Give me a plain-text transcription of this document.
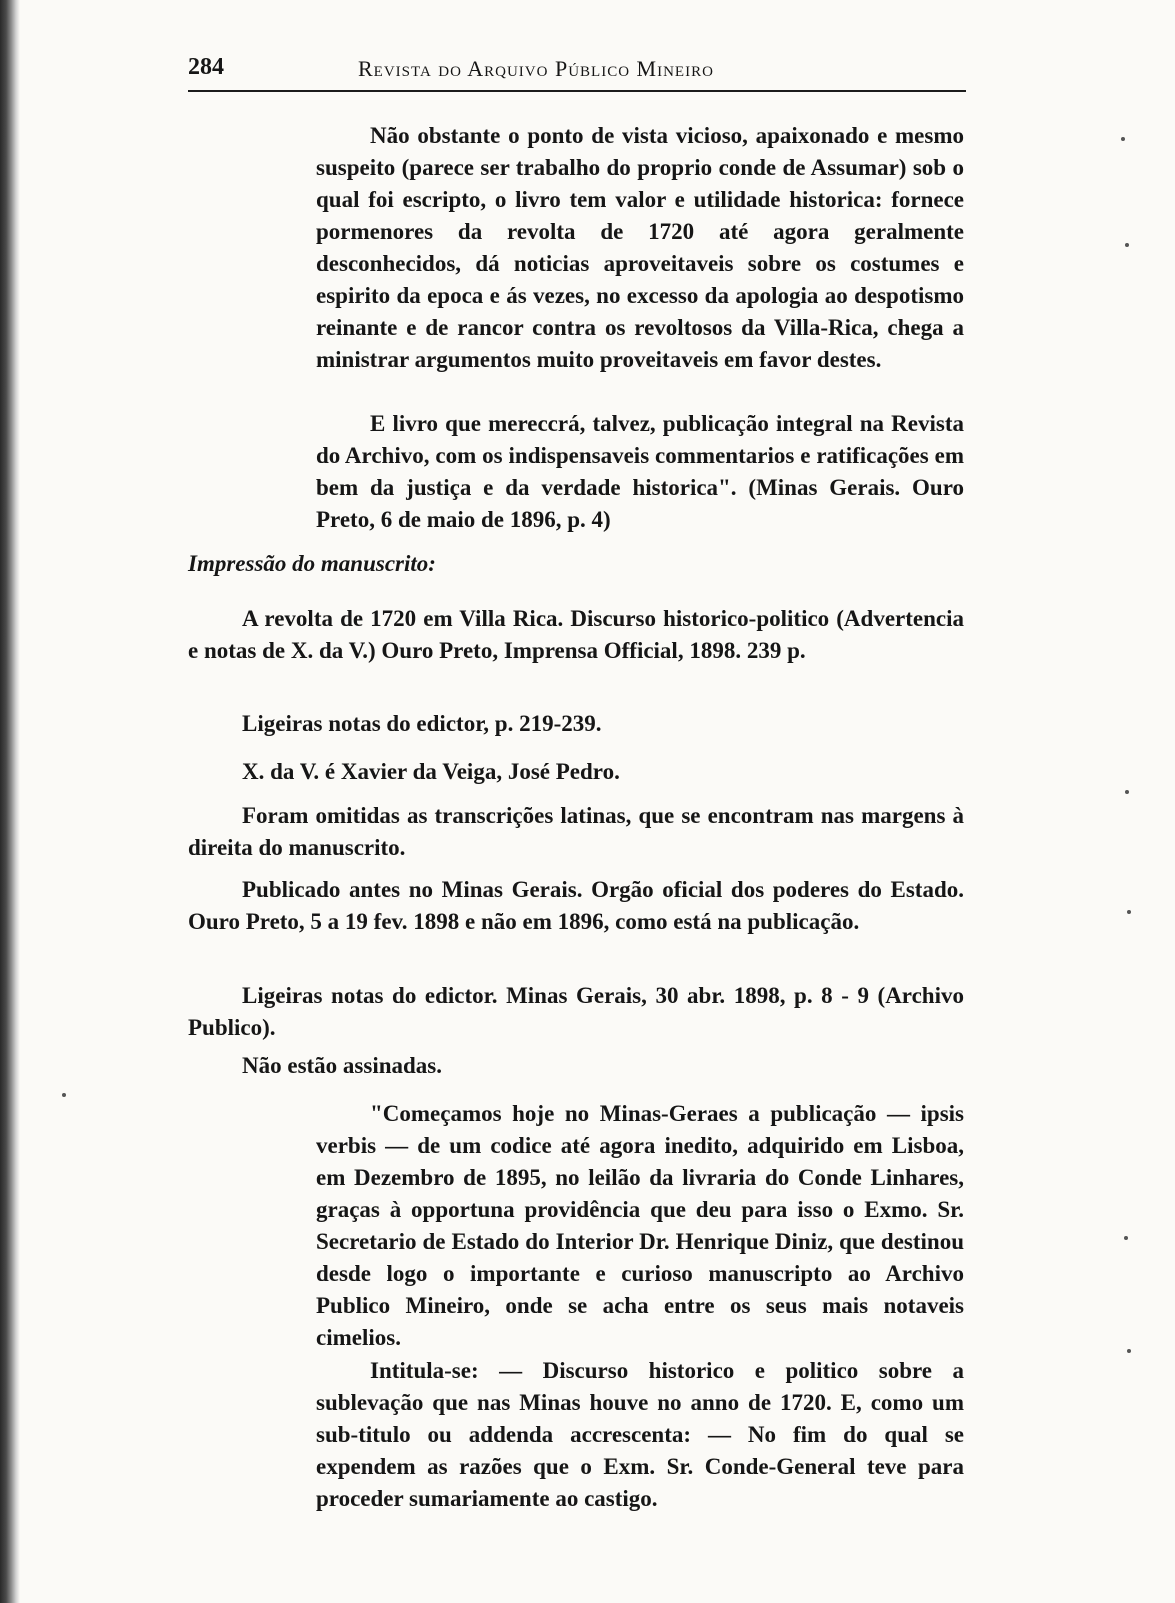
284	Revista do Arquivo Público Mineiro

Não obstante o ponto de vista vicioso, apaixonado e mesmo suspeito (parece ser trabalho do proprio conde de Assumar) sob o qual foi escripto, o livro tem valor e utilidade historica: fornece pormenores da revolta de 1720 até agora geralmente desconhecidos, dá noticias aproveitaveis sobre os costumes e espirito da epoca e ás vezes, no excesso da apologia ao despotismo reinante e de rancor contra os revoltosos da Villa-Rica, chega a ministrar argumentos muito proveitaveis em favor destes.

E livro que mereccrá, talvez, publicação integral na Revista do Archivo, com os indispensaveis commentarios e ratificações em bem da justiça e da verdade historica". (Minas Gerais. Ouro Preto, 6 de maio de 1896, p. 4)

Impressão do manuscrito:

A revolta de 1720 em Villa Rica. Discurso historico-politico (Advertencia e notas de X. da V.) Ouro Preto, Imprensa Official, 1898. 239 p.

Ligeiras notas do edictor, p. 219-239.

X. da V. é Xavier da Veiga, José Pedro.

Foram omitidas as transcrições latinas, que se encontram nas margens à direita do manuscrito.

Publicado antes no Minas Gerais. Orgão oficial dos poderes do Estado. Ouro Preto, 5 a 19 fev. 1898 e não em 1896, como está na publicação.

Ligeiras notas do edictor. Minas Gerais, 30 abr. 1898, p. 8 - 9 (Archivo Publico).

Não estão assinadas.

"Começamos hoje no Minas-Geraes a publicação — ipsis verbis — de um codice até agora inedito, adquirido em Lisboa, em Dezembro de 1895, no leilão da livraria do Conde Linhares, graças à opportuna providência que deu para isso o Exmo. Sr. Secretario de Estado do Interior Dr. Henrique Diniz, que destinou desde logo o importante e curioso manuscripto ao Archivo Publico Mineiro, onde se acha entre os seus mais notaveis cimelios.

Intitula-se: — Discurso historico e politico sobre a sublevação que nas Minas houve no anno de 1720. E, como um sub-titulo ou addenda accrescenta: — No fim do qual se expendem as razões que o Exm. Sr. Conde-General teve para proceder sumariamente ao castigo.
